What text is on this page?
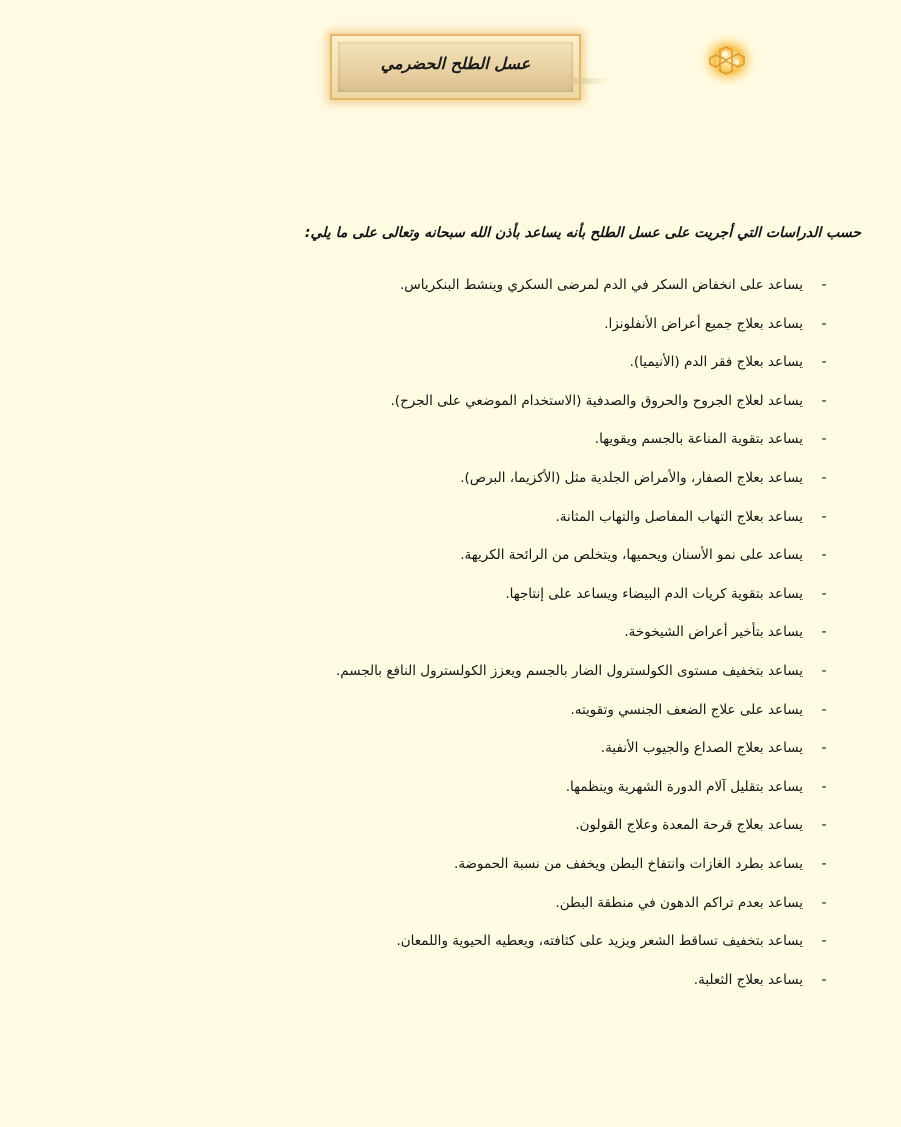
عسل الطلح الحضرمي
حسب الدراسات التي أجريت على عسل الطلح بأنه يساعد بأذن الله سبحانه وتعالى على ما يلي:
-
يساعد على انخفاض السكر في الدم لمرضى السكري وينشط البنكرياس.
-
يساعد بعلاج جميع أعراض الأنفلونزا.
-
يساعد بعلاج فقر الدم (الأنيميا).
-
يساعد لعلاج الجروح والحروق والصدفية (الاستخدام الموضعي على الجرح).
-
يساعد بتقوية المناعة بالجسم ويقويها.
-
يساعد بعلاج الصفار، والأمراض الجلدية مثل (الأكزيما، البرص).
-
يساعد بعلاج التهاب المفاصل والتهاب المثانة.
-
يساعد على نمو الأسنان ويحميها، ويتخلص من الرائحة الكريهة.
-
يساعد بتقوية كريات الدم البيضاء ويساعد على إنتاجها.
-
يساعد بتأخير أعراض الشيخوخة.
-
يساعد بتخفيف مستوى الكولسترول الضار بالجسم ويعزز الكولسترول النافع بالجسم.
-
يساعد على علاج الضعف الجنسي وتقويته.
-
يساعد بعلاج الصداع والجيوب الأنفية.
-
يساعد بتقليل آلام الدورة الشهرية وينظمها.
-
يساعد بعلاج قرحة المعدة وعلاج القولون.
-
يساعد بطرد الغازات وانتفاخ البطن ويخفف من نسبة الحموضة.
-
يساعد بعدم تراكم الدهون في منطقة البطن.
-
يساعد بتخفيف تساقط الشعر ويزيد على كثافته، ويعطيه الحيوية واللمعان.
-
يساعد بعلاج الثعلبة.
